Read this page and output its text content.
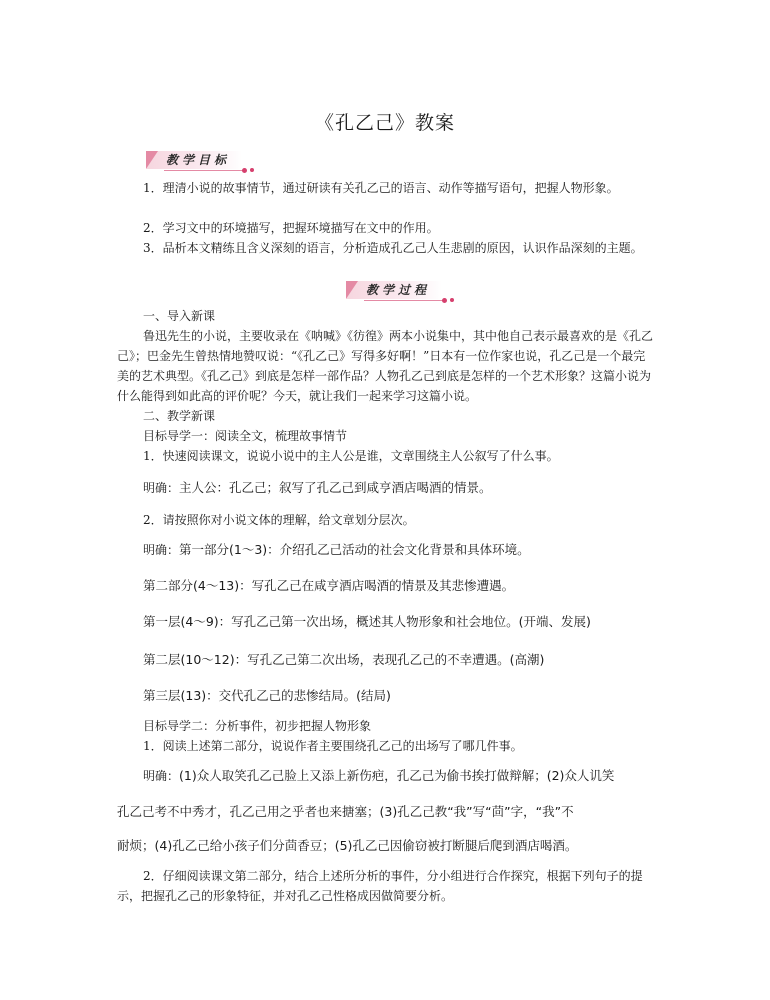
《孔乙己》教案
教学目标
1．理清小说的故事情节，通过研读有关孔乙己的语言、动作等描写语句，把握人物形象。
2．学习文中的环境描写，把握环境描写在文中的作用。
3．品析本文精练且含义深刻的语言，分析造成孔乙己人生悲剧的原因，认识作品深刻的主题。
教学过程
一、导入新课
鲁迅先生的小说，主要收录在《呐喊》《彷徨》两本小说集中，其中他自己表示最喜欢的是《孔乙己》；巴金先生曾热情地赞叹说：“《孔乙己》写得多好啊！”日本有一位作家也说，孔乙己是一个最完美的艺术典型。《孔乙己》到底是怎样一部作品？人物孔乙己到底是怎样的一个艺术形象？这篇小说为什么能得到如此高的评价呢？今天，就让我们一起来学习这篇小说。
二、教学新课
目标导学一：阅读全文，梳理故事情节
1．快速阅读课文，说说小说中的主人公是谁，文章围绕主人公叙写了什么事。
明确：主人公：孔乙己；叙写了孔乙己到咸亨酒店喝酒的情景。
2．请按照你对小说文体的理解，给文章划分层次。
明确：第一部分(1～3)：介绍孔乙己活动的社会文化背景和具体环境。
第二部分(4～13)：写孔乙己在咸亨酒店喝酒的情景及其悲惨遭遇。
第一层(4～9)：写孔乙己第一次出场，概述其人物形象和社会地位。(开端、发展)
第二层(10～12)：写孔乙己第二次出场，表现孔乙己的不幸遭遇。(高潮)
第三层(13)：交代孔乙己的悲惨结局。(结局)
目标导学二：分析事件，初步把握人物形象
1．阅读上述第二部分，说说作者主要围绕孔乙己的出场写了哪几件事。
明确：(1)众人取笑孔乙己脸上又添上新伤疤，孔乙己为偷书挨打做辩解；(2)众人讥笑
孔乙己考不中秀才，孔乙己用之乎者也来搪塞；(3)孔乙己教“我”写“茴”字，“我”不
耐烦；(4)孔乙己给小孩子们分茴香豆；(5)孔乙己因偷窃被打断腿后爬到酒店喝酒。
2．仔细阅读课文第二部分，结合上述所分析的事件，分小组进行合作探究，根据下列句子的提示，把握孔乙己的形象特征，并对孔乙己性格成因做简要分析。
